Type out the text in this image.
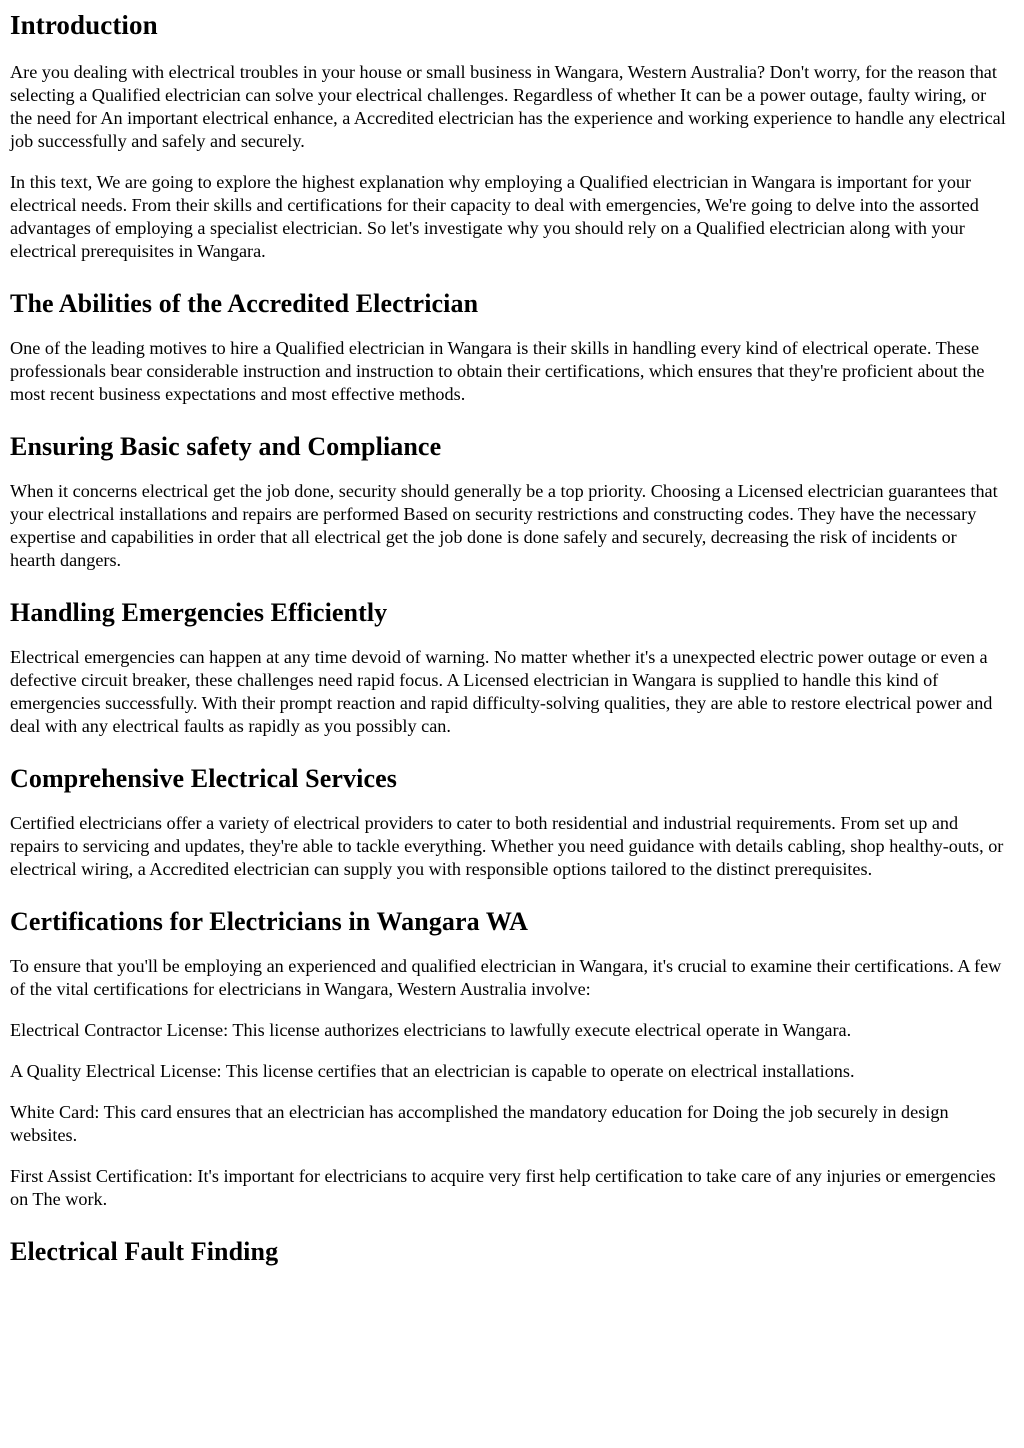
Introduction

Are you dealing with electrical troubles in your house or small business in Wangara, Western Australia? Don't worry, for the reason that selecting a Qualified electrician can solve your electrical challenges. Regardless of whether It can be a power outage, faulty wiring, or the need for An important electrical enhance, a Accredited electrician has the experience and working experience to handle any electrical job successfully and safely and securely.

In this text, We are going to explore the highest explanation why employing a Qualified electrician in Wangara is important for your electrical needs. From their skills and certifications for their capacity to deal with emergencies, We're going to delve into the assorted advantages of employing a specialist electrician. So let's investigate why you should rely on a Qualified electrician along with your electrical prerequisites in Wangara.

The Abilities of the Accredited Electrician

One of the leading motives to hire a Qualified electrician in Wangara is their skills in handling every kind of electrical operate. These professionals bear considerable instruction and instruction to obtain their certifications, which ensures that they're proficient about the most recent business expectations and most effective methods.

Ensuring Basic safety and Compliance

When it concerns electrical get the job done, security should generally be a top priority. Choosing a Licensed electrician guarantees that your electrical installations and repairs are performed Based on security restrictions and constructing codes. They have the necessary expertise and capabilities in order that all electrical get the job done is done safely and securely, decreasing the risk of incidents or hearth dangers.

Handling Emergencies Efficiently

Electrical emergencies can happen at any time devoid of warning. No matter whether it's a unexpected electric power outage or even a defective circuit breaker, these challenges need rapid focus. A Licensed electrician in Wangara is supplied to handle this kind of emergencies successfully. With their prompt reaction and rapid difficulty-solving qualities, they are able to restore electrical power and deal with any electrical faults as rapidly as you possibly can.

Comprehensive Electrical Services

Certified electricians offer a variety of electrical providers to cater to both residential and industrial requirements. From set up and repairs to servicing and updates, they're able to tackle everything. Whether you need guidance with details cabling, shop healthy-outs, or electrical wiring, a Accredited electrician can supply you with responsible options tailored to the distinct prerequisites.

Certifications for Electricians in Wangara WA

To ensure that you'll be employing an experienced and qualified electrician in Wangara, it's crucial to examine their certifications. A few of the vital certifications for electricians in Wangara, Western Australia involve:

Electrical Contractor License: This license authorizes electricians to lawfully execute electrical operate in Wangara.

A Quality Electrical License: This license certifies that an electrician is capable to operate on electrical installations.

White Card: This card ensures that an electrician has accomplished the mandatory education for Doing the job securely in design websites.

First Assist Certification: It's important for electricians to acquire very first help certification to take care of any injuries or emergencies on The work.

Electrical Fault Finding
